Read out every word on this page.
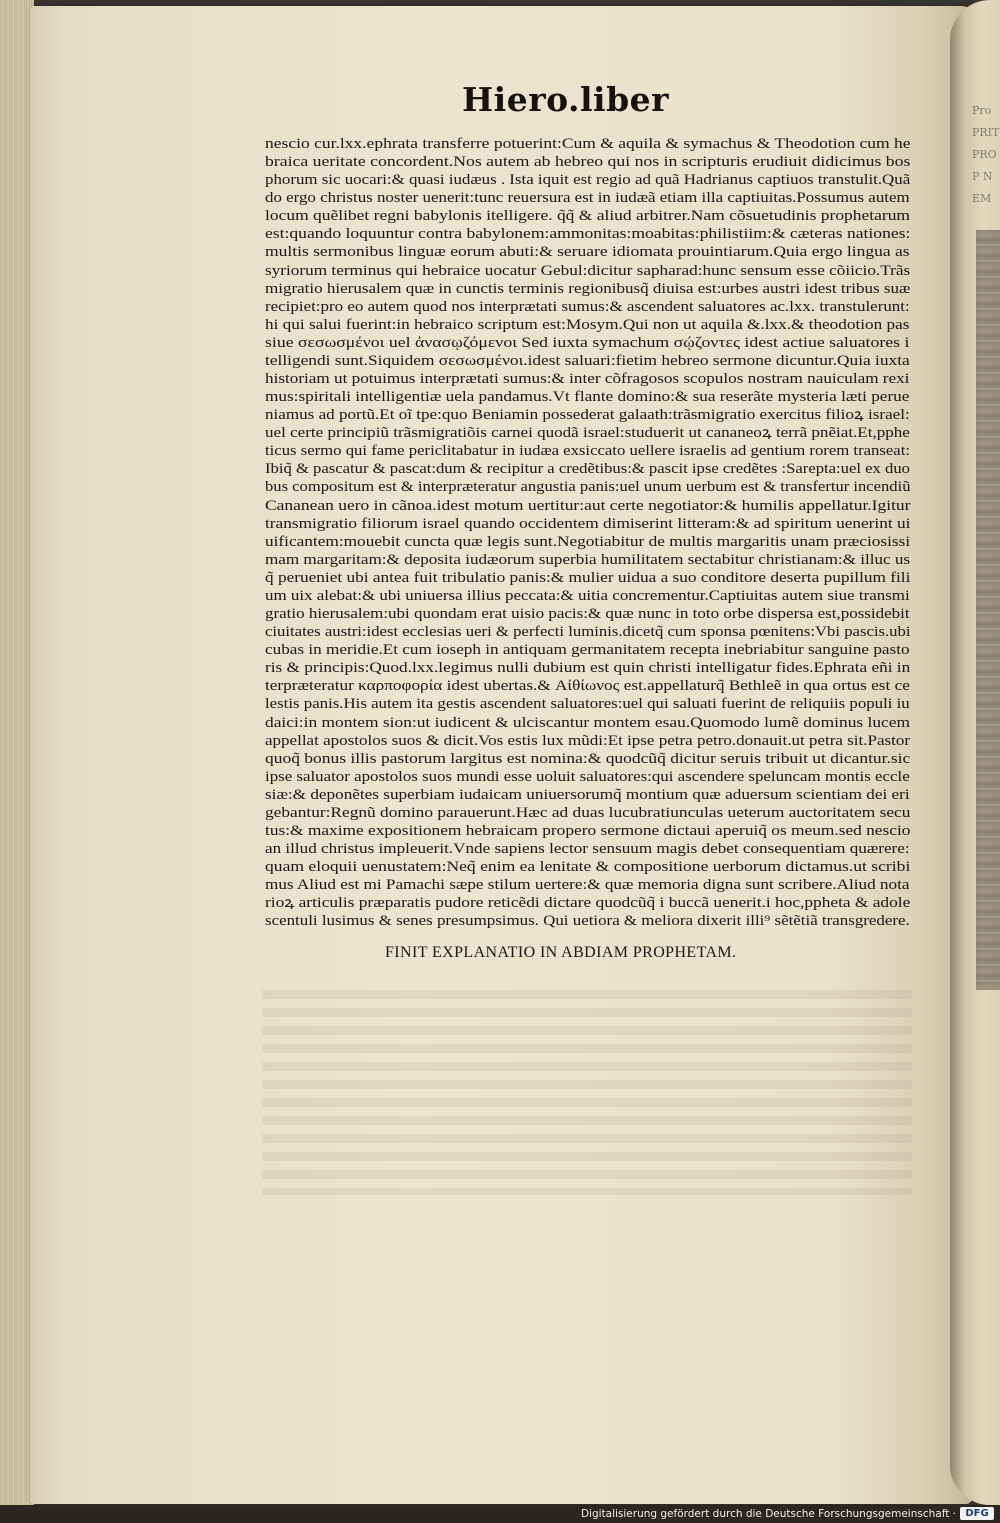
Pro PRIT PROP NEM
Hiero.liber
nescio cur.lxx.ephrata transferre potuerint:Cum & aquila & symachus & Theodotion cum he
braica ueritate concordent.Nos autem ab hebreo qui nos in scripturis erudiuit didicimus bos
phorum sic uocari:& quasi iudæus . Ista iquit est regio ad quã Hadrianus captiuos transtulit.Quã
do ergo christus noster uenerit:tunc reuersura est in iudæã etiam illa captiuitas.Possumus autem
locum quẽlibet regni babylonis itelligere. q̃q̃ & aliud arbitrer.Nam cõsuetudinis prophetarum
est:quando loquuntur contra babylonem:ammonitas:moabitas:philistiim:& cæteras nationes:
multis sermonibus linguæ eorum abuti:& seruare idiomata prouintiarum.Quia ergo lingua as
syriorum terminus qui hebraice uocatur Gebul:dicitur sapharad:hunc sensum esse cõiicio.Trãs
migratio hierusalem quæ in cunctis terminis regionibusq̃ diuisa est:urbes austri idest tribus suæ
recipiet:pro eo autem quod nos interprætati sumus:& ascendent saluatores ac.lxx. transtulerunt:
hi qui salui fuerint:in hebraico scriptum est:Mosym.Qui non ut aquila &.lxx.& theodotion pas
siue σεσωσμένοι uel ἀνασῳζόμενοι Sed iuxta symachum σῴζοντες idest actiue saluatores i
telligendi sunt.Siquidem σεσωσμένοι.idest saluari:fietim hebreo sermone dicuntur.Quia iuxta
historiam ut potuimus interprætati sumus:& inter cõfragosos scopulos nostram nauiculam rexi
mus:spiritali intelligentiæ uela pandamus.Vt flante domino:& sua reserãte mysteria læti perue
niamus ad portũ.Et oĩ tpe:quo Beniamin possederat galaath:trãsmigratio exercitus filioꝝ israel:
uel certe principiũ trãsmigratiõis carnei quodã israel:studuerit ut cananeoꝝ terrã pnẽiat.Et,pphe
ticus sermo qui fame periclitabatur in iudæa exsiccato uellere israelis ad gentium rorem transeat:
Ibiq̃ & pascatur & pascat:dum & recipitur a credẽtibus:& pascit ipse credẽtes :Sarepta:uel ex duo
bus compositum est & interpræteratur angustia panis:uel unum uerbum est & transfertur incendiũ
Cananean uero in cãnoa.idest motum uertitur:aut certe negotiator:& humilis appellatur.Igitur
transmigratio filiorum israel quando occidentem dimiserint litteram:& ad spiritum uenerint ui
uificantem:mouebit cuncta quæ legis sunt.Negotiabitur de multis margaritis unam præciosissi
mam margaritam:& deposita iudæorum superbia humilitatem sectabitur christianam:& illuc us
q̃ perueniet ubi antea fuit tribulatio panis:& mulier uidua a suo conditore deserta pupillum fili
um uix alebat:& ubi uniuersa illius peccata:& uitia concrementur.Captiuitas autem siue transmi
gratio hierusalem:ubi quondam erat uisio pacis:& quæ nunc in toto orbe dispersa est,possidebit
ciuitates austri:idest ecclesias ueri & perfecti luminis.dicetq̃ cum sponsa pœnitens:Vbi pascis.ubi
cubas in meridie.Et cum ioseph in antiquam germanitatem recepta inebriabitur sanguine pasto
ris & principis:Quod.lxx.legimus nulli dubium est quin christi intelligatur fides.Ephrata eñi in
terpræteratur καρποφορία idest ubertas.& Αἰθίωνος est.appellaturq̃ Bethleẽ in qua ortus est ce
lestis panis.His autem ita gestis ascendent saluatores:uel qui saluati fuerint de reliquiis populi iu
daici:in montem sion:ut iudicent & ulciscantur montem esau.Quomodo lumẽ dominus lucem
appellat apostolos suos & dicit.Vos estis lux mũdi:Et ipse petra petro.donauit.ut petra sit.Pastor
quoq̃ bonus illis pastorum largitus est nomina:& quodcũq̃ dicitur seruis tribuit ut dicantur.sic
ipse saluator apostolos suos mundi esse uoluit saluatores:qui ascendere speluncam montis eccle
siæ:& deponẽtes superbiam iudaicam uniuersorumq̃ montium quæ aduersum scientiam dei eri
gebantur:Regnũ domino parauerunt.Hæc ad duas lucubratiunculas ueterum auctoritatem secu
tus:& maxime expositionem hebraicam propero sermone dictaui aperuiq̃ os meum.sed nescio
an illud christus impleuerit.Vnde sapiens lector sensuum magis debet consequentiam quærere:
quam eloquii uenustatem:Neq̃ enim ea lenitate & compositione uerborum dictamus.ut scribi
mus Aliud est mi Pamachi sæpe stilum uertere:& quæ memoria digna sunt scribere.Aliud nota
rioꝝ articulis præparatis pudore reticẽdi dictare quodcũq̃ i buccã uenerit.i hoc,ppheta & adole
scentuli lusimus & senes presumpsimus. Qui uetiora & meliora dixerit illi⁹ sẽtẽtiã transgredere.
FINIT EXPLANATIO IN ABDIAM PROPHETAM.
Digitalisierung gefördert durch die Deutsche Forschungsgemeinschaft · DFG
